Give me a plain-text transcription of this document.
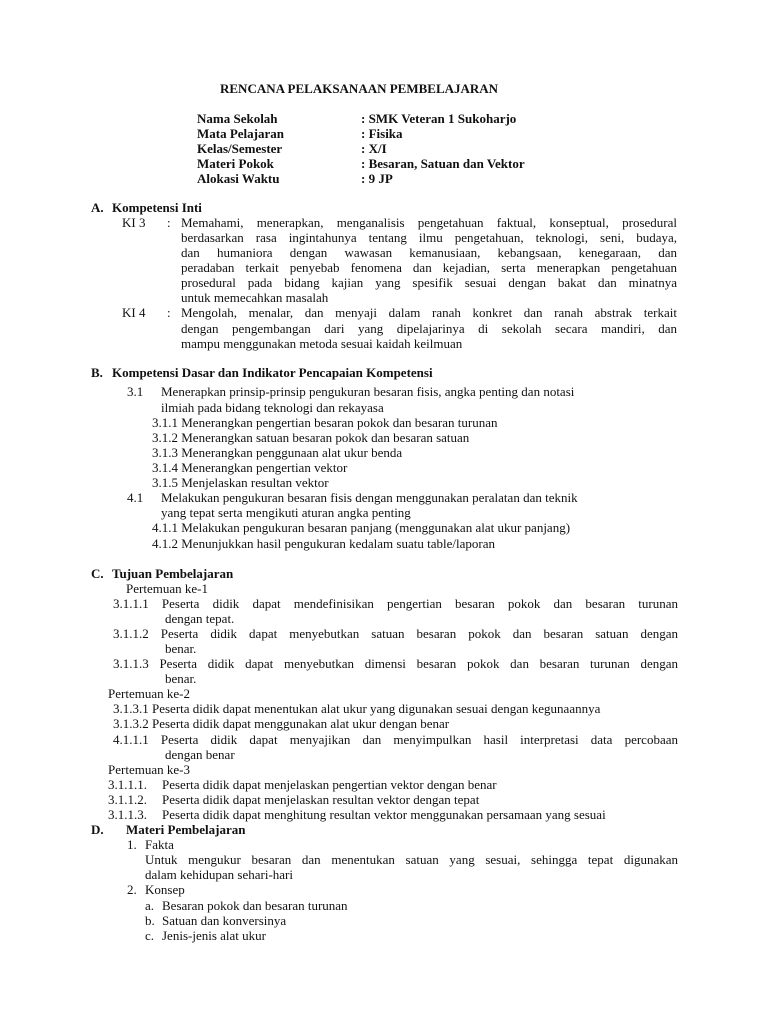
RENCANA PELAKSANAAN PEMBELAJARAN
Nama Sekolah	: SMK Veteran 1 Sukoharjo
Mata Pelajaran	: Fisika
Kelas/Semester	: X/I
Materi Pokok	: Besaran, Satuan dan Vektor
Alokasi Waktu	: 9 JP
A. Kompetensi Inti
KI 3 : Memahami, menerapkan, menganalisis pengetahuan faktual, konseptual, prosedural
berdasarkan rasa ingintahunya tentang ilmu pengetahuan, teknologi, seni, budaya,
dan humaniora dengan wawasan kemanusiaan, kebangsaan, kenegaraan, dan
peradaban terkait penyebab fenomena dan kejadian, serta menerapkan pengetahuan
prosedural pada bidang kajian yang spesifik sesuai dengan bakat dan minatnya
untuk memecahkan masalah
KI 4 : Mengolah, menalar, dan menyaji dalam ranah konkret dan ranah abstrak terkait
dengan pengembangan dari yang dipelajarinya di sekolah secara mandiri, dan
mampu menggunakan metoda sesuai kaidah keilmuan
B. Kompetensi Dasar dan Indikator Pencapaian Kompetensi
3.1 Menerapkan prinsip-prinsip pengukuran besaran fisis, angka penting dan notasi
ilmiah pada bidang teknologi dan rekayasa
3.1.1 Menerangkan pengertian besaran pokok dan besaran turunan
3.1.2 Menerangkan satuan besaran pokok dan besaran satuan
3.1.3 Menerangkan penggunaan alat ukur benda
3.1.4 Menerangkan pengertian vektor
3.1.5 Menjelaskan resultan vektor
4.1 Melakukan pengukuran besaran fisis dengan menggunakan peralatan dan teknik
yang tepat serta mengikuti aturan angka penting
4.1.1 Melakukan pengukuran besaran panjang (menggunakan alat ukur panjang)
4.1.2 Menunjukkan hasil pengukuran kedalam suatu table/laporan
C. Tujuan Pembelajaran
Pertemuan ke-1
3.1.1.1 Peserta didik dapat mendefinisikan pengertian besaran pokok dan besaran turunan
dengan tepat.
3.1.1.2 Peserta didik dapat menyebutkan satuan besaran pokok dan besaran satuan dengan
benar.
3.1.1.3 Peserta didik dapat menyebutkan dimensi besaran pokok dan besaran turunan dengan
benar.
Pertemuan ke-2
3.1.3.1 Peserta didik dapat menentukan alat ukur yang digunakan sesuai dengan kegunaannya
3.1.3.2 Peserta didik dapat menggunakan alat ukur dengan benar
4.1.1.1 Peserta didik dapat menyajikan dan menyimpulkan hasil interpretasi data percobaan
dengan benar
Pertemuan ke-3
3.1.1.1. Peserta didik dapat menjelaskan pengertian vektor dengan benar
3.1.1.2. Peserta didik dapat menjelaskan resultan vektor dengan tepat
3.1.1.3. Peserta didik dapat menghitung resultan vektor menggunakan persamaan yang sesuai
D. Materi Pembelajaran
1. Fakta
Untuk mengukur besaran dan menentukan satuan yang sesuai, sehingga tepat digunakan
dalam kehidupan sehari-hari
2. Konsep
a. Besaran pokok dan besaran turunan
b. Satuan dan konversinya
c. Jenis-jenis alat ukur
